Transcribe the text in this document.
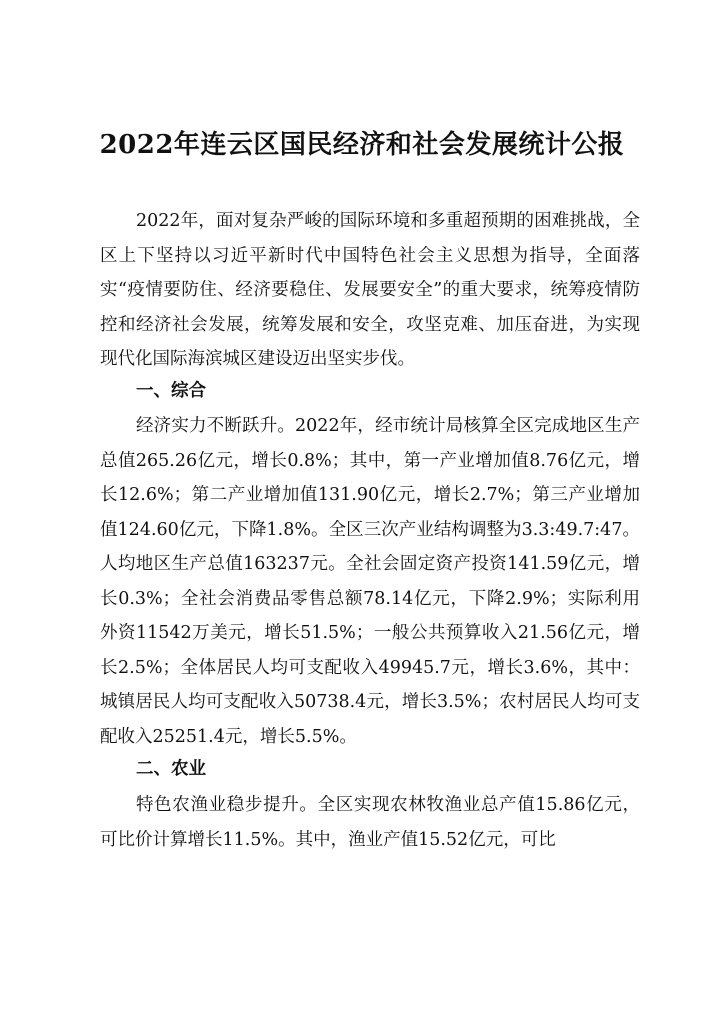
2022年连云区国民经济和社会发展统计公报

2022年，面对复杂严峻的国际环境和多重超预期的困难挑战，全区上下坚持以习近平新时代中国特色社会主义思想为指导，全面落实“疫情要防住、经济要稳住、发展要安全”的重大要求，统筹疫情防控和经济社会发展，统筹发展和安全，攻坚克难、加压奋进，为实现现代化国际海滨城区建设迈出坚实步伐。

一、综合

经济实力不断跃升。2022年，经市统计局核算全区完成地区生产总值265.26亿元，增长0.8%；其中，第一产业增加值8.76亿元，增长12.6%；第二产业增加值131.90亿元，增长2.7%；第三产业增加值124.60亿元，下降1.8%。全区三次产业结构调整为3.3:49.7:47。人均地区生产总值163237元。全社会固定资产投资141.59亿元，增长0.3%；全社会消费品零售总额78.14亿元，下降2.9%；实际利用外资11542万美元，增长51.5%；一般公共预算收入21.56亿元，增长2.5%；全体居民人均可支配收入49945.7元，增长3.6%，其中：城镇居民人均可支配收入50738.4元，增长3.5%；农村居民人均可支配收入25251.4元，增长5.5%。

二、农业

特色农渔业稳步提升。全区实现农林牧渔业总产值15.86亿元，可比价计算增长11.5%。其中，渔业产值15.52亿元，可比
